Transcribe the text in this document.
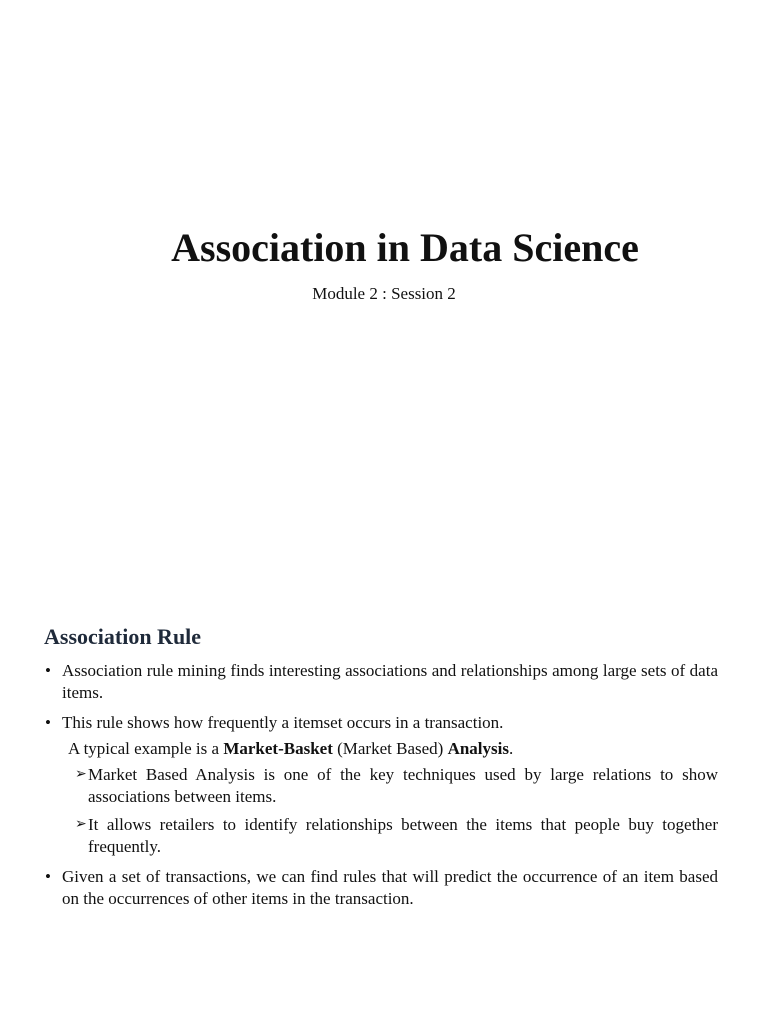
Association in Data Science

Module 2 : Session 2

Association Rule

• Association rule mining finds interesting associations and relationships among large sets of data items.

• This rule shows how frequently a itemset occurs in a transaction.

A typical example is a Market-Basket (Market Based) Analysis.

➢ Market Based Analysis is one of the key techniques used by large relations to show associations between items.

➢ It allows retailers to identify relationships between the items that people buy together frequently.

• Given a set of transactions, we can find rules that will predict the occurrence of an item based on the occurrences of other items in the transaction.
